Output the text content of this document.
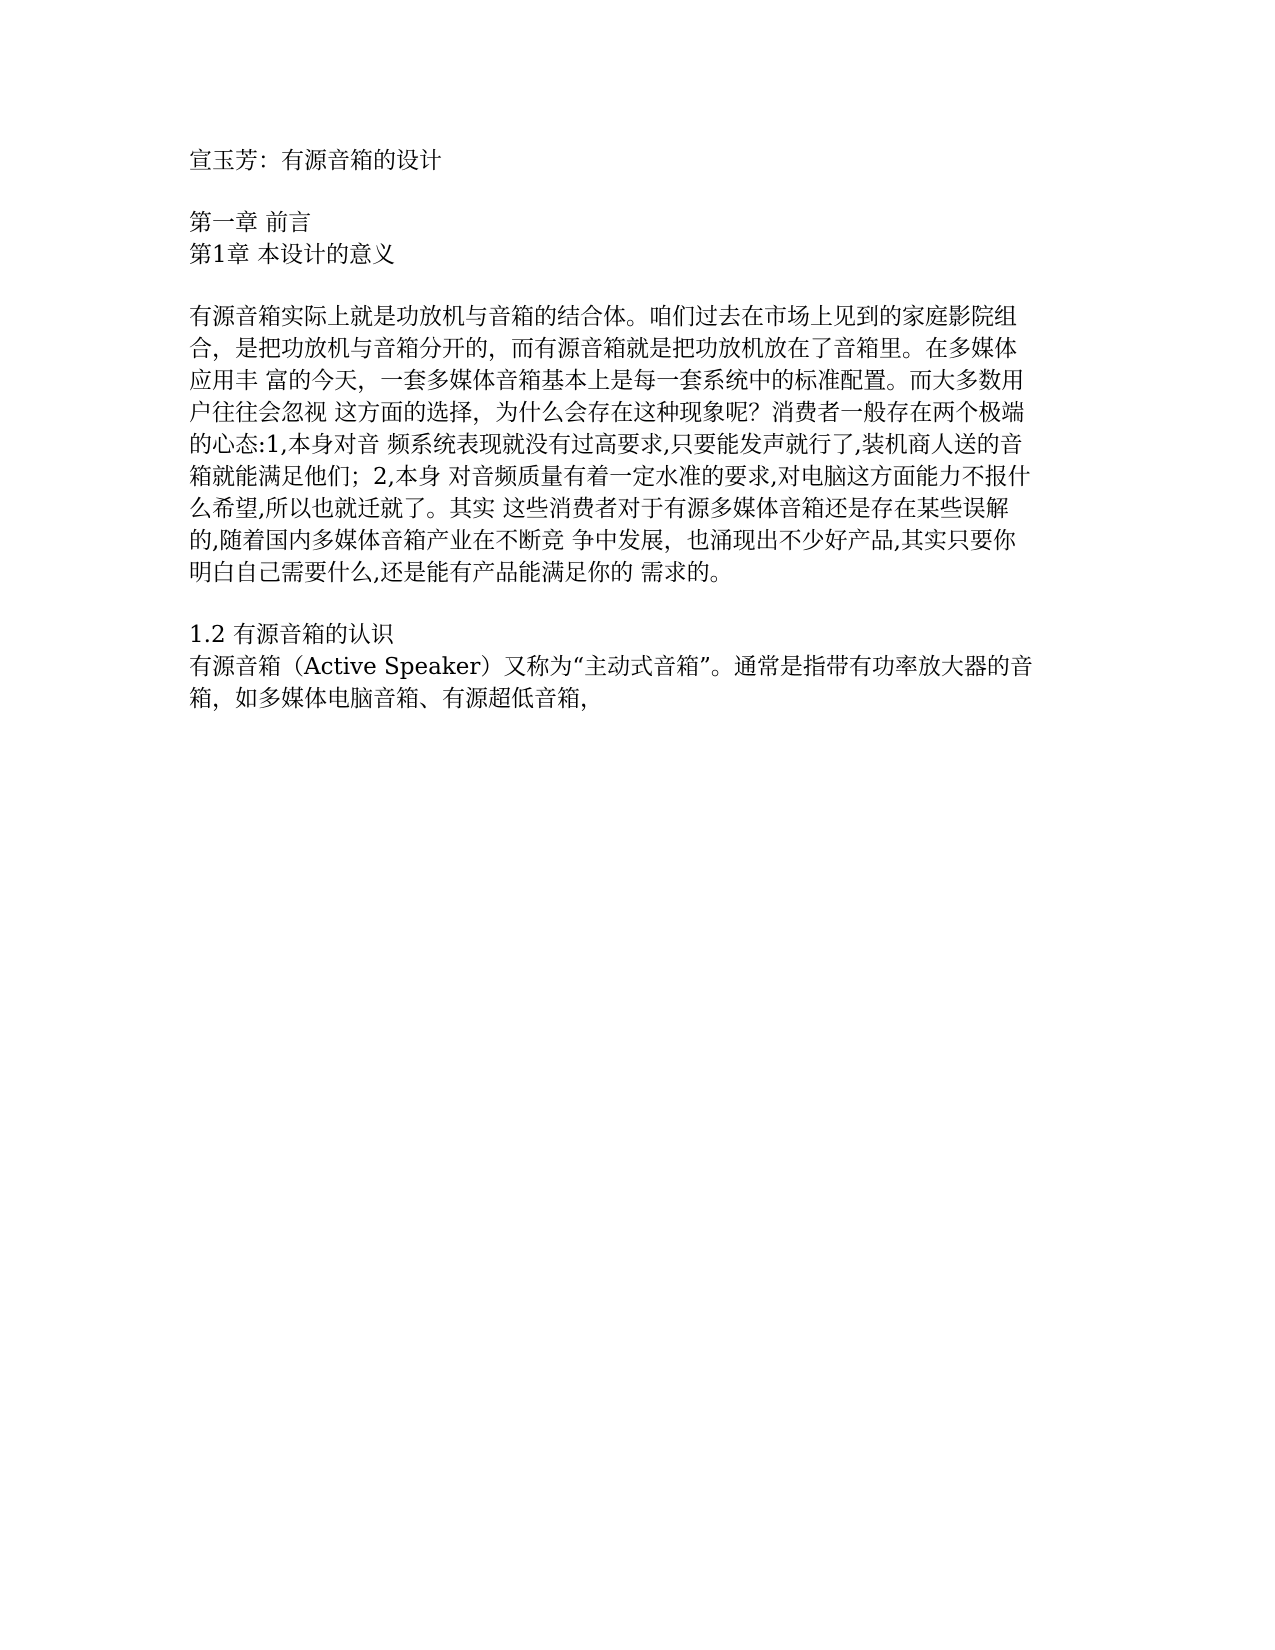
宣玉芳：有源音箱的设计
第一章 前言
第1章 本设计的意义
有源音箱实际上就是功放机与音箱的结合体。咱们过去在市场上见到的家庭影院组
合，是把功放机与音箱分开的，而有源音箱就是把功放机放在了音箱里。在多媒体
应用丰 富的今天，一套多媒体音箱基本上是每一套系统中的标准配置。而大多数用
户往往会忽视 这方面的选择，为什么会存在这种现象呢？消费者一般存在两个极端
的心态:1,本身对音 频系统表现就没有过高要求,只要能发声就行了,装机商人送的音
箱就能满足他们；2,本身 对音频质量有着一定水准的要求,对电脑这方面能力不报什
么希望,所以也就迁就了。其实 这些消费者对于有源多媒体音箱还是存在某些误解
的,随着国内多媒体音箱产业在不断竞 争中发展，也涌现出不少好产品,其实只要你
明白自己需要什么,还是能有产品能满足你的 需求的。
1.2 有源音箱的认识
有源音箱（Active Speaker）又称为“主动式音箱”。通常是指带有功率放大器的音
箱，如多媒体电脑音箱、有源超低音箱，
